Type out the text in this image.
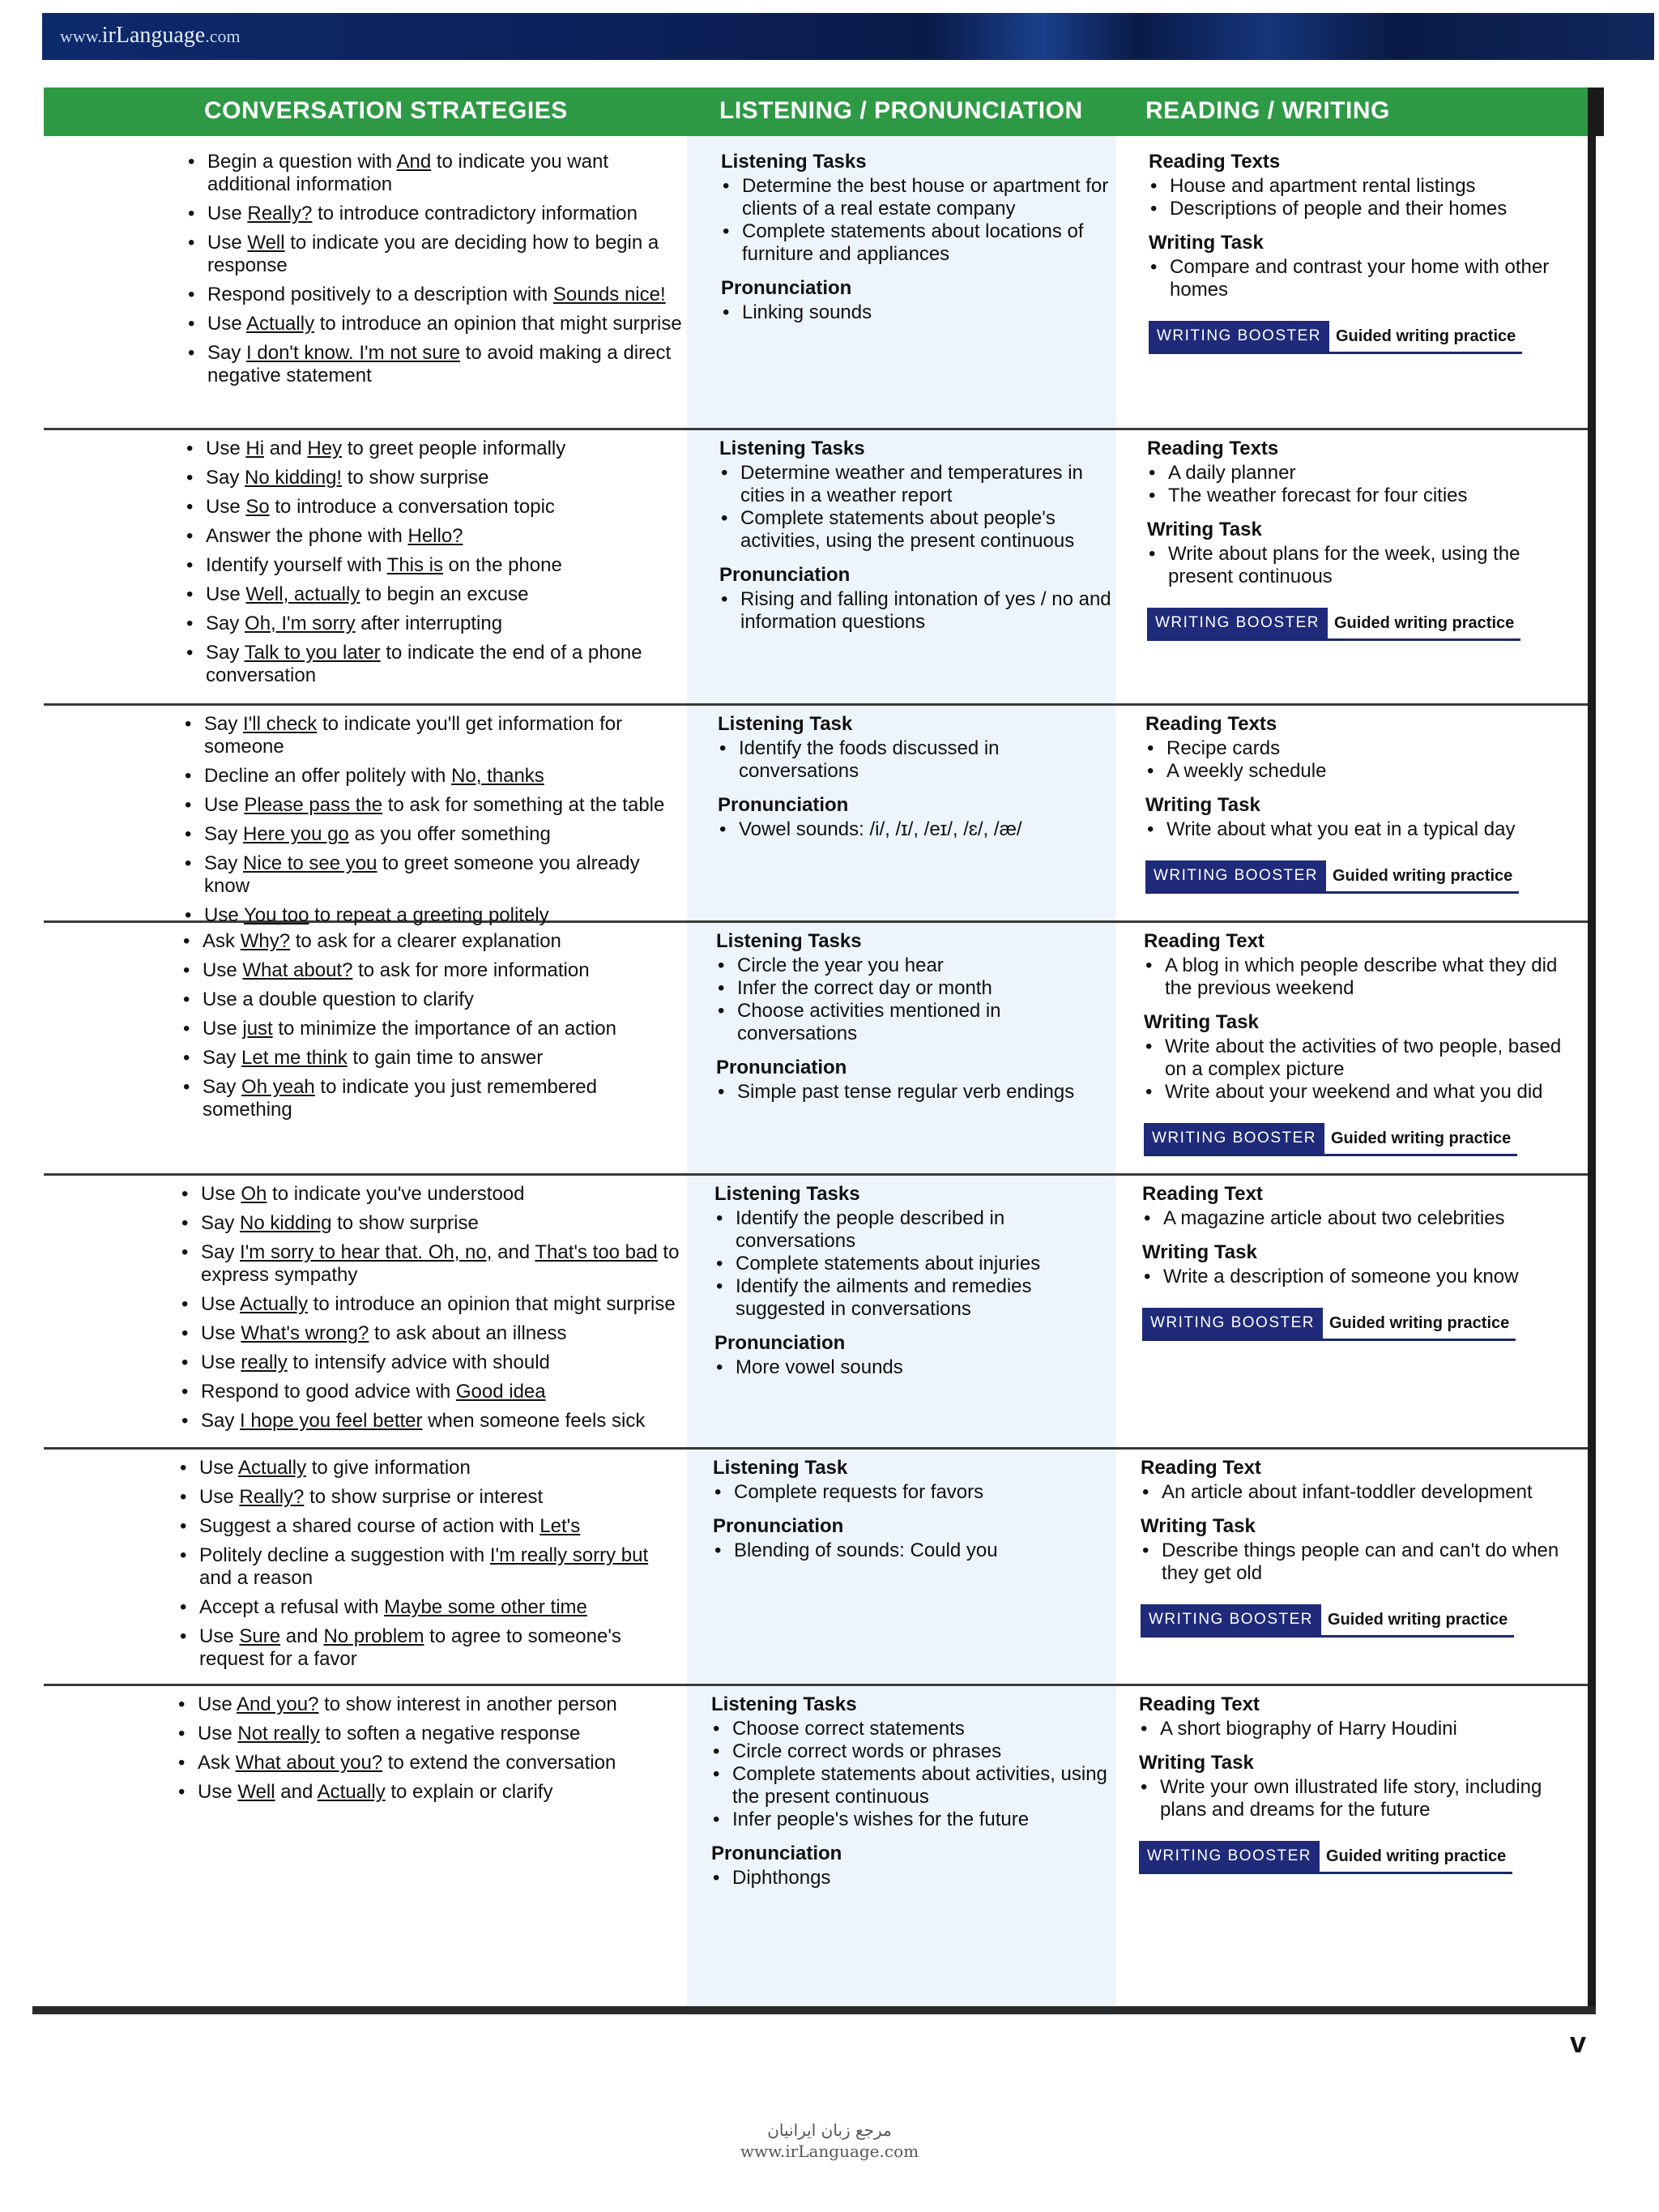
www.irLanguage.com
CONVERSATION STRATEGIES	LISTENING / PRONUNCIATION	READING / WRITING
• Begin a question with And to indicate you want additional information
• Use Really? to introduce contradictory information
• Use Well to indicate you are deciding how to begin a response
• Respond positively to a description with Sounds nice!
• Use Actually to introduce an opinion that might surprise
• Say I don't know. I'm not sure to avoid making a direct negative statement
Listening Tasks
• Determine the best house or apartment for clients of a real estate company
• Complete statements about locations of furniture and appliances
Pronunciation
• Linking sounds
Reading Texts
• House and apartment rental listings
• Descriptions of people and their homes
Writing Task
• Compare and contrast your home with other homes
WRITING BOOSTER Guided writing practice
• Use Hi and Hey to greet people informally
• Say No kidding! to show surprise
• Use So to introduce a conversation topic
• Answer the phone with Hello?
• Identify yourself with This is on the phone
• Use Well, actually to begin an excuse
• Say Oh, I'm sorry after interrupting
• Say Talk to you later to indicate the end of a phone conversation
Listening Tasks
• Determine weather and temperatures in cities in a weather report
• Complete statements about people's activities, using the present continuous
Pronunciation
• Rising and falling intonation of yes / no and information questions
Reading Texts
• A daily planner
• The weather forecast for four cities
Writing Task
• Write about plans for the week, using the present continuous
WRITING BOOSTER Guided writing practice
• Say I'll check to indicate you'll get information for someone
• Decline an offer politely with No, thanks
• Use Please pass the to ask for something at the table
• Say Here you go as you offer something
• Say Nice to see you to greet someone you already know
• Use You too to repeat a greeting politely
Listening Task
• Identify the foods discussed in conversations
Pronunciation
• Vowel sounds: /i/, /ɪ/, /eɪ/, /ɛ/, /æ/
Reading Texts
• Recipe cards
• A weekly schedule
Writing Task
• Write about what you eat in a typical day
WRITING BOOSTER Guided writing practice
• Ask Why? to ask for a clearer explanation
• Use What about? to ask for more information
• Use a double question to clarify
• Use just to minimize the importance of an action
• Say Let me think to gain time to answer
• Say Oh yeah to indicate you just remembered something
Listening Tasks
• Circle the year you hear
• Infer the correct day or month
• Choose activities mentioned in conversations
Pronunciation
• Simple past tense regular verb endings
Reading Text
• A blog in which people describe what they did the previous weekend
Writing Task
• Write about the activities of two people, based on a complex picture
• Write about your weekend and what you did
WRITING BOOSTER Guided writing practice
• Use Oh to indicate you've understood
• Say No kidding to show surprise
• Say I'm sorry to hear that. Oh, no, and That's too bad to express sympathy
• Use Actually to introduce an opinion that might surprise
• Use What's wrong? to ask about an illness
• Use really to intensify advice with should
• Respond to good advice with Good idea
• Say I hope you feel better when someone feels sick
Listening Tasks
• Identify the people described in conversations
• Complete statements about injuries
• Identify the ailments and remedies suggested in conversations
Pronunciation
• More vowel sounds
Reading Text
• A magazine article about two celebrities
Writing Task
• Write a description of someone you know
WRITING BOOSTER Guided writing practice
• Use Actually to give information
• Use Really? to show surprise or interest
• Suggest a shared course of action with Let's
• Politely decline a suggestion with I'm really sorry but and a reason
• Accept a refusal with Maybe some other time
• Use Sure and No problem to agree to someone's request for a favor
Listening Task
• Complete requests for favors
Pronunciation
• Blending of sounds: Could you
Reading Text
• An article about infant-toddler development
Writing Task
• Describe things people can and can't do when they get old
WRITING BOOSTER Guided writing practice
• Use And you? to show interest in another person
• Use Not really to soften a negative response
• Ask What about you? to extend the conversation
• Use Well and Actually to explain or clarify
Listening Tasks
• Choose correct statements
• Circle correct words or phrases
• Complete statements about activities, using the present continuous
• Infer people's wishes for the future
Pronunciation
• Diphthongs
Reading Text
• A short biography of Harry Houdini
Writing Task
• Write your own illustrated life story, including plans and dreams for the future
WRITING BOOSTER Guided writing practice
v
مرجع زبان ایرانیان
www.irLanguage.com
